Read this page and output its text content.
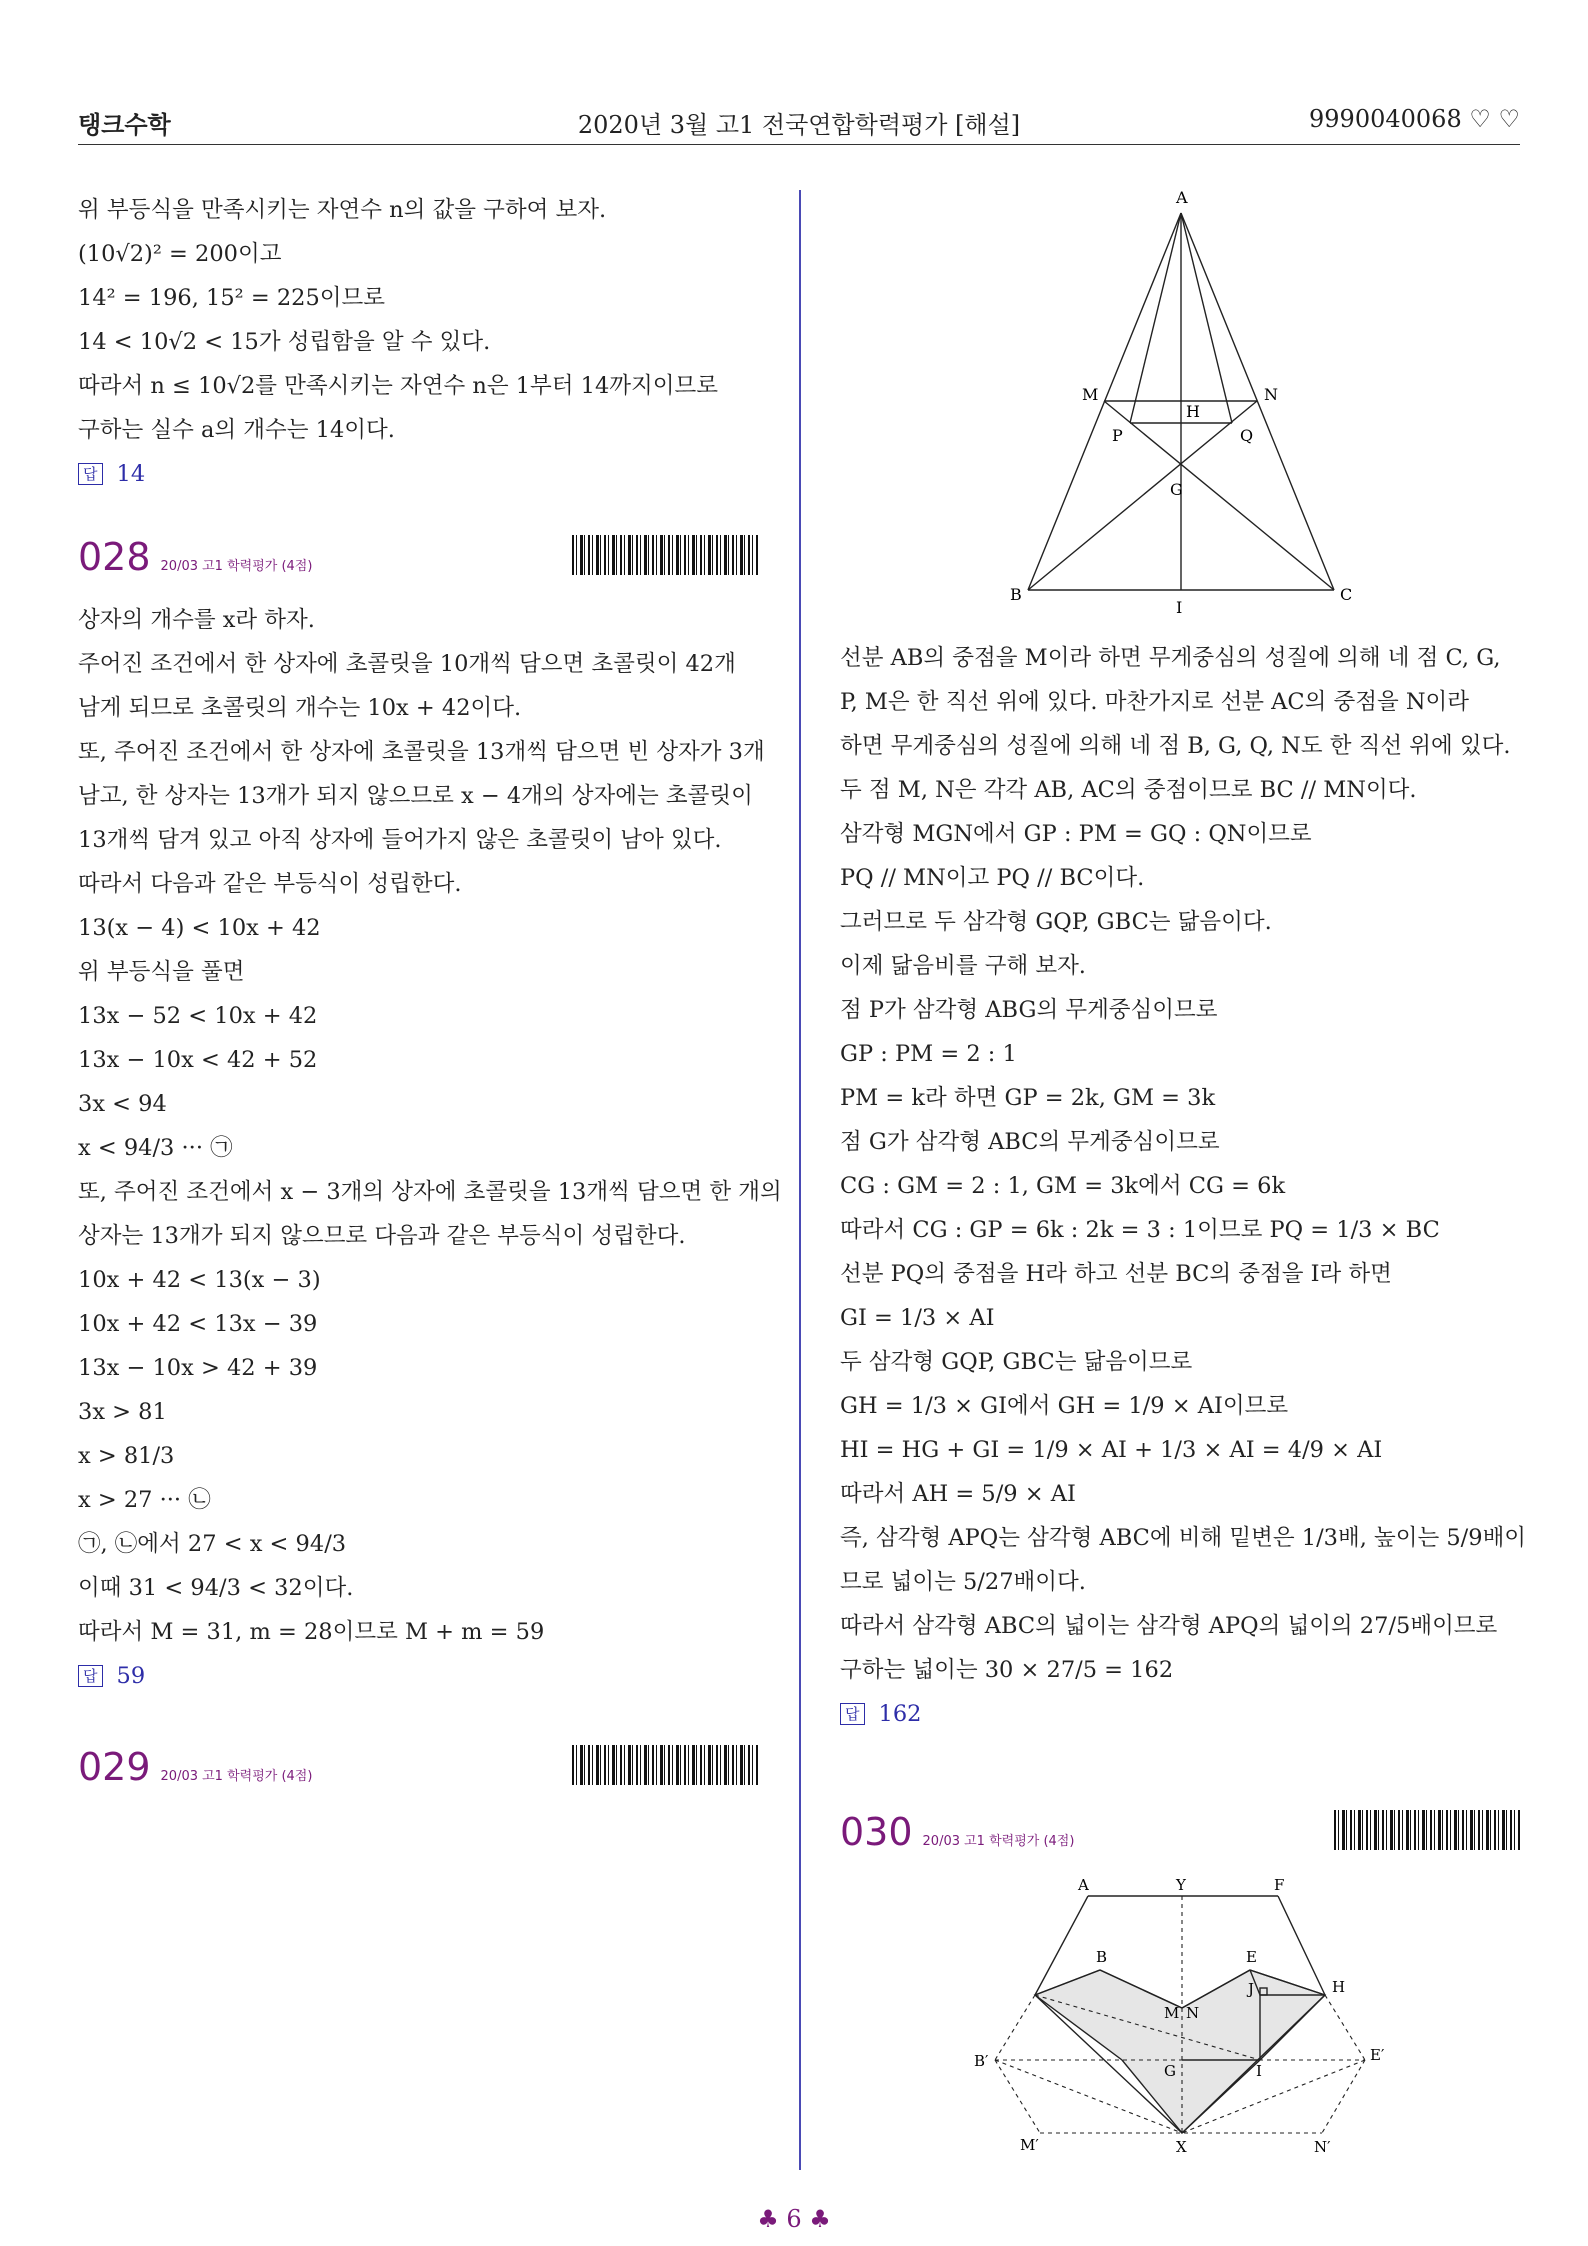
탱크수학	2020년 3월 고1 전국연합학력평가 [해설]	9990040068 ♡ ♡
위 부등식을 만족시키는 자연수 n의 값을 구하여 보자.
(10√2)² = 200이고
14² = 196, 15² = 225이므로
14 < 10√2 < 15가 성립함을 알 수 있다.
따라서 n ≤ 10√2를 만족시키는 자연수 n은 1부터 14까지이므로
구하는 실수 a의 개수는 14이다.
답 14
028 20/03 고1 학력평가 (4점)
상자의 개수를 x라 하자.
주어진 조건에서 한 상자에 초콜릿을 10개씩 담으면 초콜릿이 42개
남게 되므로 초콜릿의 개수는 10x + 42이다.
또, 주어진 조건에서 한 상자에 초콜릿을 13개씩 담으면 빈 상자가 3개
남고, 한 상자는 13개가 되지 않으므로 x − 4개의 상자에는 초콜릿이
13개씩 담겨 있고 아직 상자에 들어가지 않은 초콜릿이 남아 있다.
따라서 다음과 같은 부등식이 성립한다.
13(x − 4) < 10x + 42
위 부등식을 풀면
13x − 52 < 10x + 42
13x − 10x < 42 + 52
3x < 94
x < 94/3 ··· ㉠
또, 주어진 조건에서 x − 3개의 상자에 초콜릿을 13개씩 담으면 한 개의
상자는 13개가 되지 않으므로 다음과 같은 부등식이 성립한다.
10x + 42 < 13(x − 3)
10x + 42 < 13x − 39
13x − 10x > 42 + 39
3x > 81
x > 81/3
x > 27 ··· ㉡
㉠, ㉡에서 27 < x < 94/3
이때 31 < 94/3 < 32이다.
따라서 M = 31, m = 28이므로 M + m = 59
답 59
029 20/03 고1 학력평가 (4점)
A
M	N
H
P	Q
G
B
I
C
선분 AB의 중점을 M이라 하면 무게중심의 성질에 의해 네 점 C, G,
P, M은 한 직선 위에 있다. 마찬가지로 선분 AC의 중점을 N이라
하면 무게중심의 성질에 의해 네 점 B, G, Q, N도 한 직선 위에 있다.
두 점 M, N은 각각 AB, AC의 중점이므로 BC // MN이다.
삼각형 MGN에서 GP : PM = GQ : QN이므로
PQ // MN이고 PQ // BC이다.
그러므로 두 삼각형 GQP, GBC는 닮음이다.
이제 닮음비를 구해 보자.
점 P가 삼각형 ABG의 무게중심이므로
GP : PM = 2 : 1
PM = k라 하면 GP = 2k, GM = 3k
점 G가 삼각형 ABC의 무게중심이므로
CG : GM = 2 : 1, GM = 3k에서 CG = 6k
따라서 CG : GP = 6k : 2k = 3 : 1이므로 PQ = 1/3 × BC
선분 PQ의 중점을 H라 하고 선분 BC의 중점을 I라 하면
GI = 1/3 × AI
두 삼각형 GQP, GBC는 닮음이므로
GH = 1/3 × GI에서 GH = 1/9 × AI이므로
HI = HG + GI = 1/9 × AI + 1/3 × AI = 4/9 × AI
따라서 AH = 5/9 × AI
즉, 삼각형 APQ는 삼각형 ABC에 비해 밑변은 1/3배, 높이는 5/9배이
므로 넓이는 5/27배이다.
따라서 삼각형 ABC의 넓이는 삼각형 APQ의 넓이의 27/5배이므로
구하는 넓이는 30 × 27/5 = 162
답 162
030 20/03 고1 학력평가 (4점)
A	Y	F
B	E
J	H
M N
B′	E′
G	I
M′	X	N′
♣ 6 ♣
